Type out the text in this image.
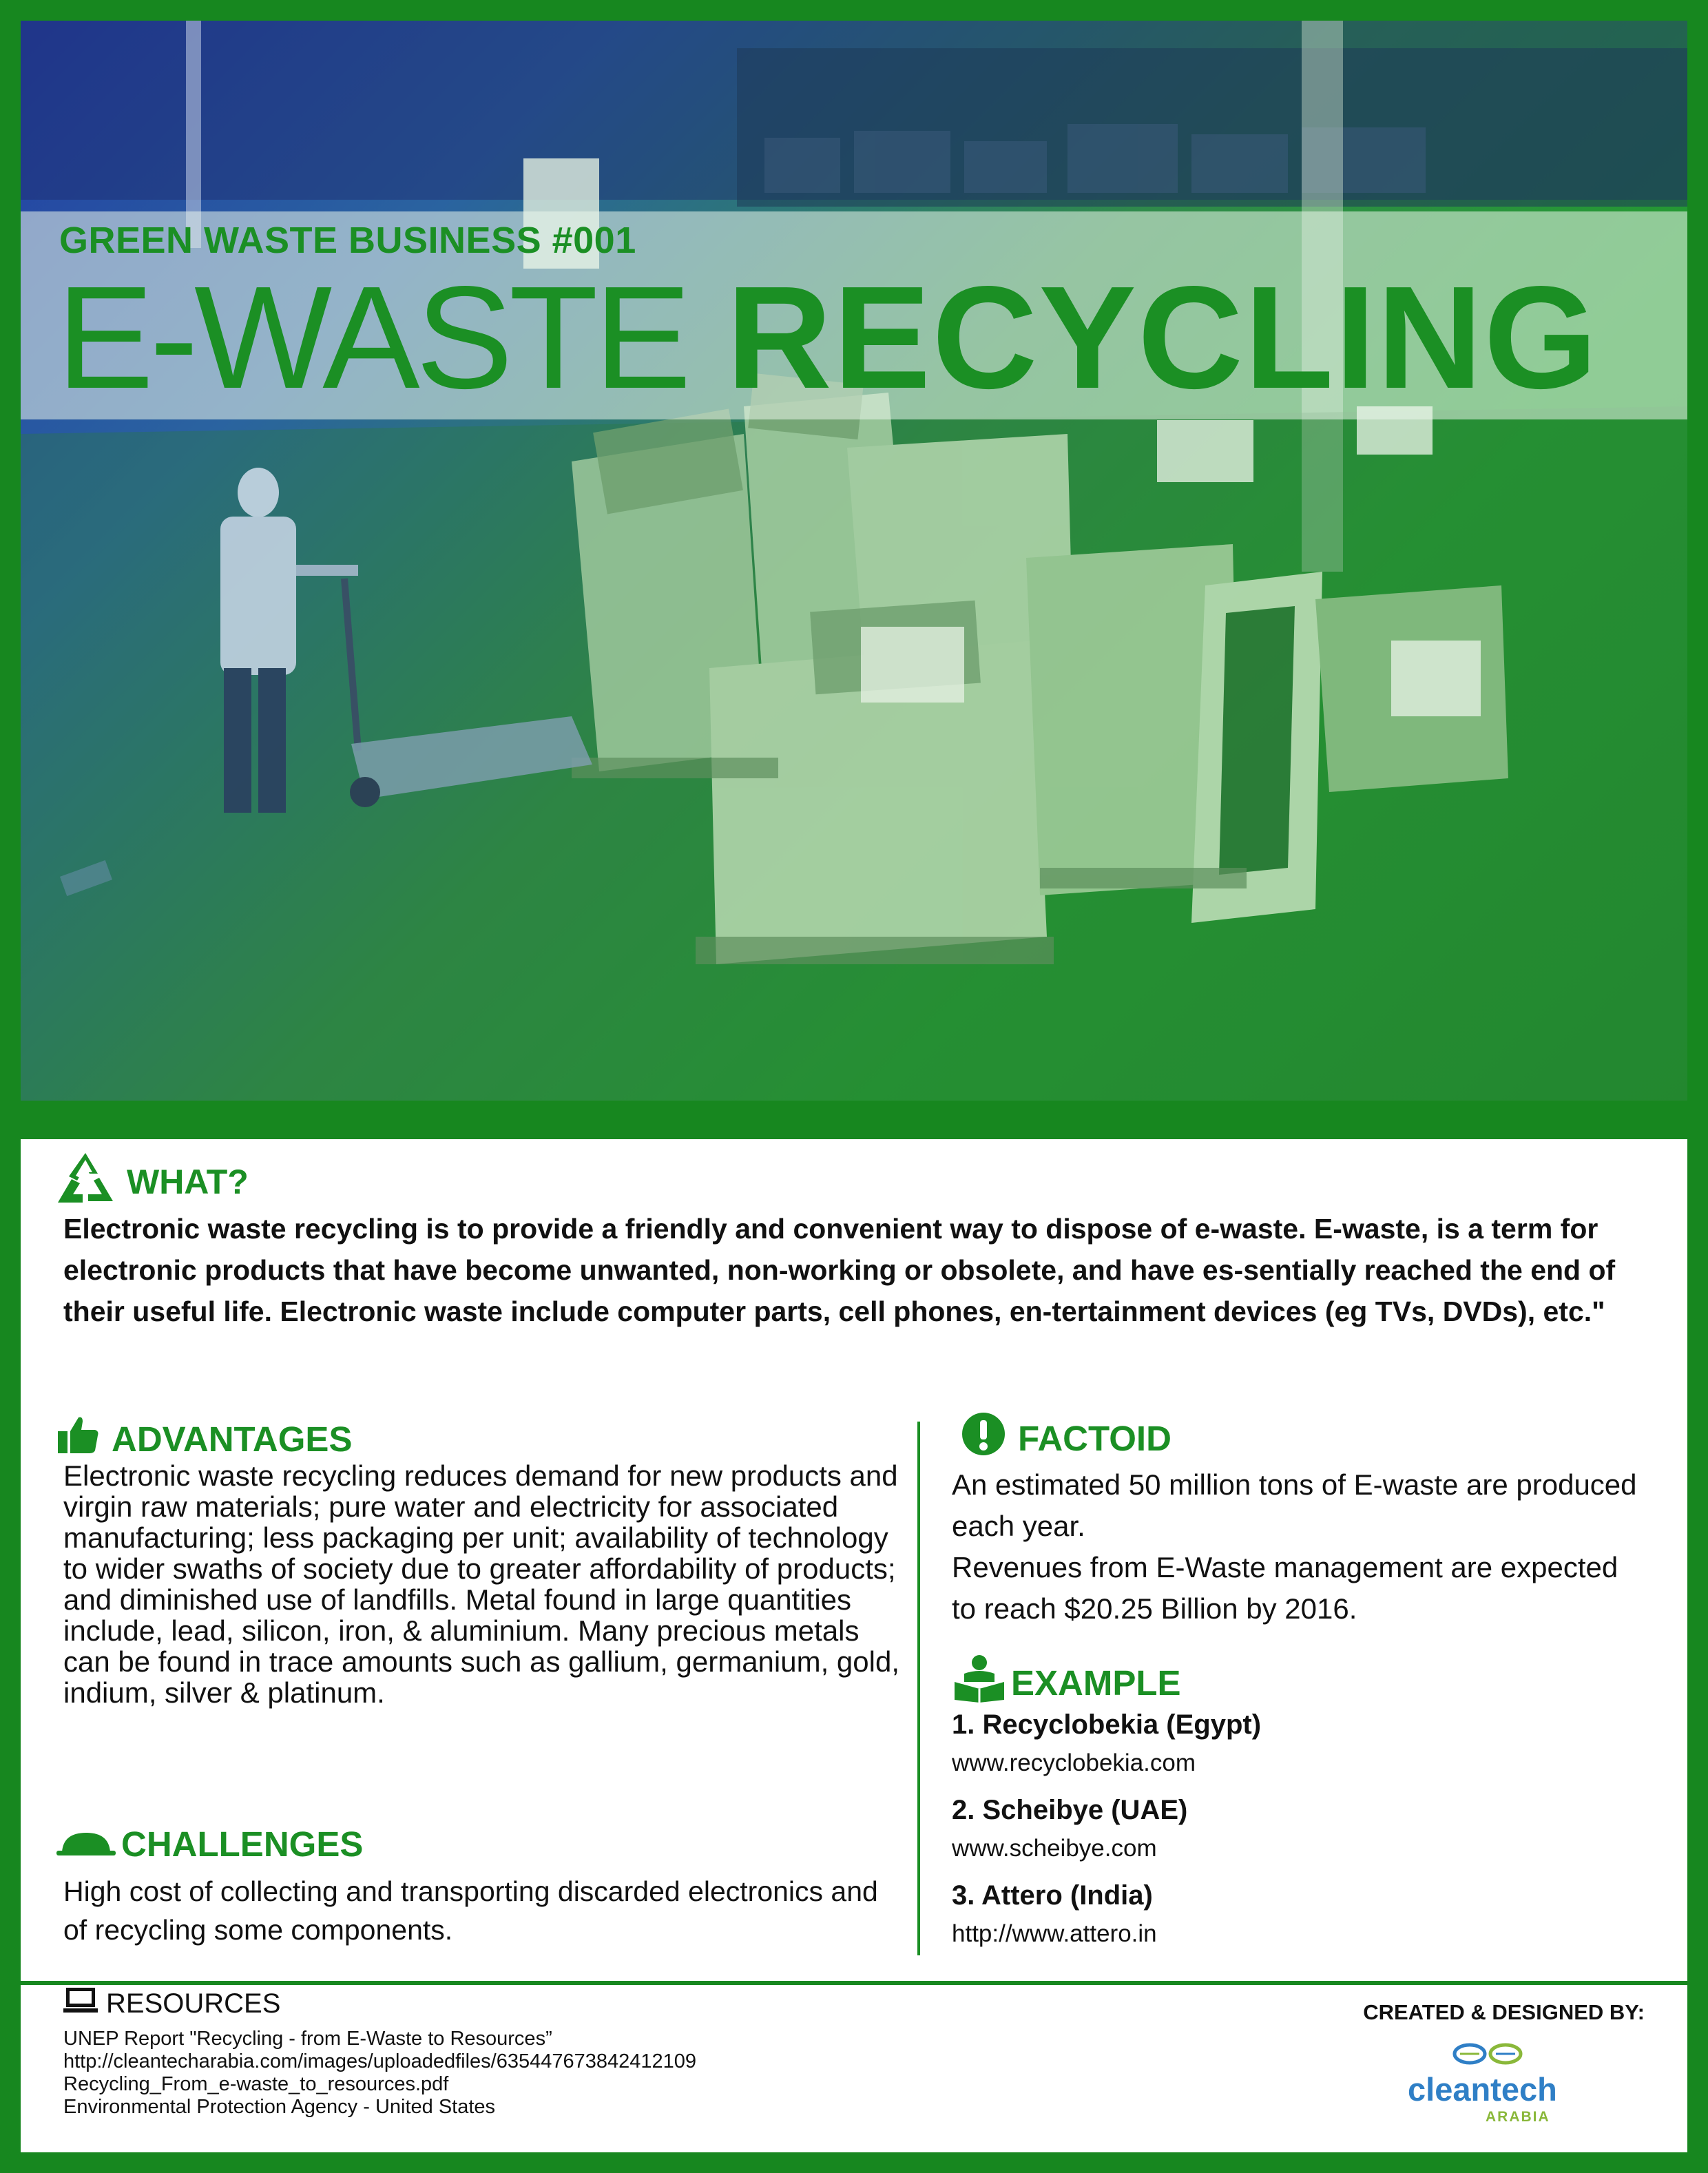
GREEN WASTE BUSINESS #001
E-WASTE RECYCLING
WHAT?

Electronic waste recycling is to provide a friendly and convenient way to dispose of e-waste. E-waste, is a term for electronic products that have become unwanted, non-working or obsolete, and have es-sentially reached the end of their useful life. Electronic waste include computer parts, cell phones, en-tertainment devices (eg TVs, DVDs), etc."

ADVANTAGES

Electronic waste recycling reduces demand for new products and virgin raw materials; pure water and electricity for associated manufacturing; less packaging per unit; availability of technology to wider swaths of society due to greater affordability of products; and diminished use of landfills. Metal found in large quantities include, lead, silicon, iron, & aluminium. Many precious metals can be found in trace amounts such as gallium, germanium, gold, indium, silver & platinum.

CHALLENGES

High cost of collecting and transporting discarded electronics and of recycling some components.

FACTOID

An estimated 50 million tons of E-waste are produced each year.

Revenues from E-Waste management are expected to reach $20.25 Billion by 2016.

EXAMPLE
1. Recyclobekia (Egypt)
www.recyclobekia.com
2. Scheibye (UAE)
www.scheibye.com
3. Attero (India)
http://www.attero.in
RESOURCES
UNEP Report "Recycling - from E-Waste to Resources”
http://cleantecharabia.com/images/uploadedfiles/635447673842412109
Recycling_From_e-waste_to_resources.pdf
Environmental Protection Agency - United States
CREATED & DESIGNED BY:
cleantech
ARABIA
